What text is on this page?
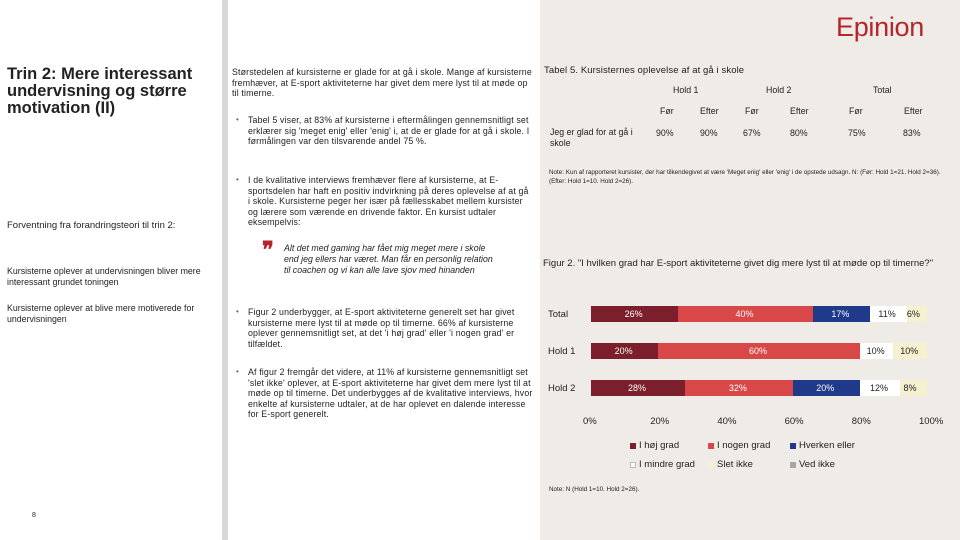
Epinion
Trin 2: Mere interessant undervisning og større motivation (II)
Forventning fra forandringsteori til trin 2:
Kursisterne oplever at undervisningen bliver mere interessant grundet toningen
Kursisterne oplever at blive mere motiverede for undervisningen
8
Størstedelen af kursisterne er glade for at gå i skole. Mange af kursisterne fremhæver, at E-sport aktiviteterne har givet dem mere lyst til at møde op til timerne.
• Tabel 5 viser, at 83% af kursisterne i eftermålingen gennemsnitligt set erklærer sig 'meget enig' eller 'enig' i, at de er glade for at gå i skole. I førmålingen var den tilsvarende andel 75 %.
• I de kvalitative interviews fremhæver flere af kursisterne, at E-sportsdelen har haft en positiv indvirkning på deres oplevelse af at gå i skole. Kursisterne peger her især på fællesskabet mellem kursister og lærere som værende en drivende faktor. En kursist udtaler eksempelvis:
❞ Alt det med gaming har fået mig meget mere i skole end jeg ellers har været. Man får en personlig relation til coachen og vi kan alle lave sjov med hinanden
• Figur 2 underbygger, at E-sport aktiviteterne generelt set har givet kursisterne mere lyst til at møde op til timerne. 66% af kursisterne oplever gennemsnitligt set, at det 'i høj grad' eller 'i nogen grad' er tilfældet.
• Af figur 2 fremgår det videre, at 11% af kursisterne gennemsnitligt set 'slet ikke' oplever, at E-sport aktiviteterne har givet dem mere lyst til at møde op til timerne. Det underbygges af de kvalitative interviews, hvor enkelte af kursisterne udtaler, at de har oplevet en dalende interesse for E-sport generelt.
Tabel 5. Kursisternes oplevelse af at gå i skole
Hold 1	Hold 2	Total
Før	Efter	Før	Efter	Før	Efter
Jeg er glad for at gå i skole
90%	90%	67%	80%	75%	83%
Note: Kun af rapporteret kursister, der har tilkendegivet at være 'Meget enig' eller 'enig' i de opstede udsagn. N: (Før: Hold 1=21. Hold 2=36). (Efter: Hold 1=10. Hold 2=26).
Figur 2. "I hvilken grad har E-sport aktiviteterne givet dig mere lyst til at møde op til timerne?"
Total	26%	40%	17%	11% 6%
Hold 1	20%	60%	10% 10%
Hold 2	28%	32%	20%	12% 8%
0%	20%	40%	60%	80%	100%
I høj grad	I nogen grad	Hverken eller
I mindre grad Slet ikke	Ved ikke
Note: N (Hold 1=10. Hold 2=26).
